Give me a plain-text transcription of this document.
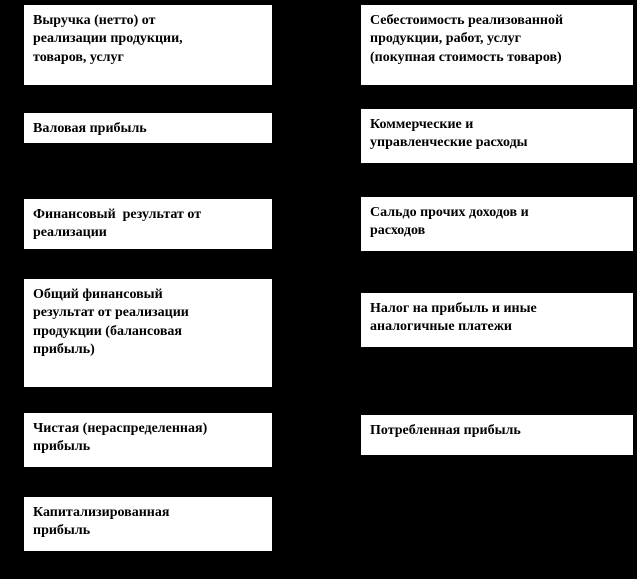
Выручка (нетто) от
реализации продукции,
товаров, услуг
Валовая прибыль
Финансовый  результат от
реализации
Общий финансовый
результат от реализации
продукции (балансовая
прибыль)
Чистая (нераспределенная)
прибыль
Капитализированная
прибыль
Себестоимость реализованной
продукции, работ, услуг
(покупная стоимость товаров)
Коммерческие и
управленческие расходы
Сальдо прочих доходов и
расходов
Налог на прибыль и иные
аналогичные платежи
Потребленная прибыль
